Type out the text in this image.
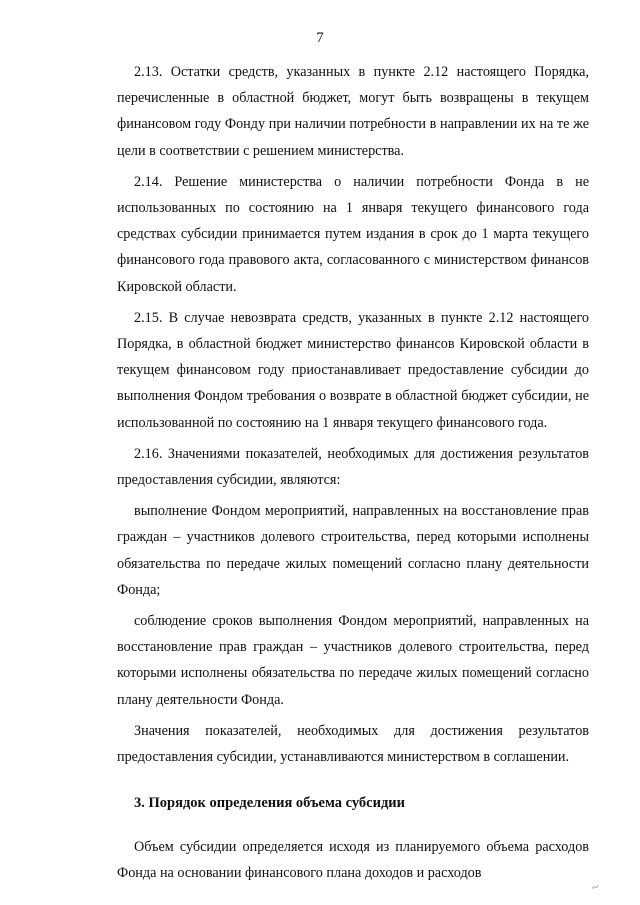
7

2.13. Остатки средств, указанных в пункте 2.12 настоящего Порядка, перечисленные в областной бюджет, могут быть возвращены в текущем финансовом году Фонду при наличии потребности в направлении их на те же цели в соответствии с решением министерства.

2.14. Решение министерства о наличии потребности Фонда в не использованных по состоянию на 1 января текущего финансового года средствах субсидии принимается путем издания в срок до 1 марта текущего финансового года правового акта, согласованного с министерством финансов Кировской области.

2.15. В случае невозврата средств, указанных в пункте 2.12 настоящего Порядка, в областной бюджет министерство финансов Кировской области в текущем финансовом году приостанавливает предоставление субсидии до выполнения Фондом требования о возврате в областной бюджет субсидии, не использованной по состоянию на 1 января текущего финансового года.

2.16. Значениями показателей, необходимых для достижения результатов предоставления субсидии, являются:

выполнение Фондом мероприятий, направленных на восстановление прав граждан – участников долевого строительства, перед которыми исполнены обязательства по передаче жилых помещений согласно плану деятельности Фонда;

соблюдение сроков выполнения Фондом мероприятий, направленных на восстановление прав граждан – участников долевого строительства, перед которыми исполнены обязательства по передаче жилых помещений согласно плану деятельности Фонда.

Значения показателей, необходимых для достижения результатов предоставления субсидии, устанавливаются министерством в соглашении.

3. Порядок определения объема субсидии

Объем субсидии определяется исходя из планируемого объема расходов Фонда на основании финансового плана доходов и расходов

~
